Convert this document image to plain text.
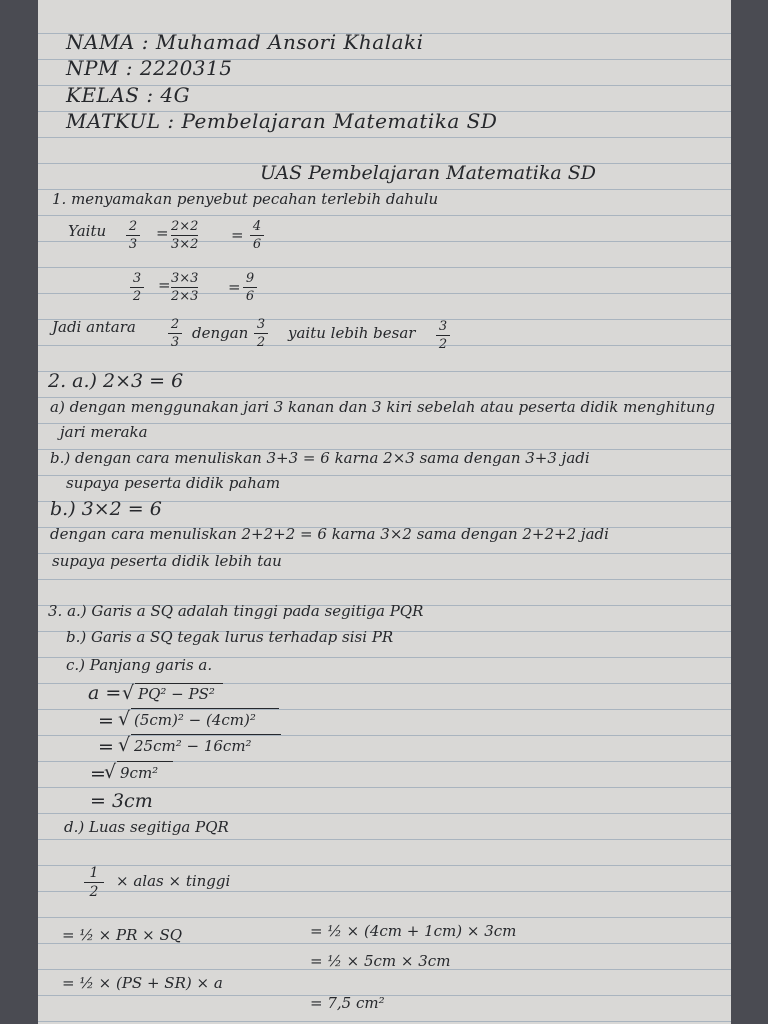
NAMA : Muhamad Ansori Khalaki
NPM : 2220315
KELAS : 4G
MATKUL : Pembelajaran Matematika SD
UAS Pembelajaran Matematika SD
1. menyamakan penyebut pecahan terlebih dahulu
Yaitu 2
3
= 2×2
3×2
= 4
6
3
2
= 3×3
2×3
= 9
6
Jadi antara	2
3
dengan 3
2
yaitu lebih besar 3
2
2. a.) 2×3 = 6
a) dengan menggunakan jari 3 kanan dan 3 kiri sebelah atau peserta didik menghitung
jari meraka
b.) dengan cara menuliskan 3+3 = 6 karna 2×3 sama dengan 3+3 jadi
supaya peserta didik paham
b.) 3×2 = 6
dengan cara menuliskan 2+2+2 = 6 karna 3×2 sama dengan 2+2+2 jadi
supaya peserta didik lebih tau
3. a.) Garis a SQ adalah tinggi pada segitiga PQR
b.) Garis a SQ tegak lurus terhadap sisi PR
c.) Panjang garis a.
a = √ PQ² − PS²
= √ (5cm)² − (4cm)²
= √ 25cm² − 16cm²
=
√ 9cm²
= 3cm
d.) Luas segitiga PQR
1
2
× alas × tinggi
= ½ × PR × SQ
= ½ × (PS + SR) × a
= ½ × (4cm + 1cm) × 3cm
= ½ × 5cm × 3cm
= 7,5 cm²
